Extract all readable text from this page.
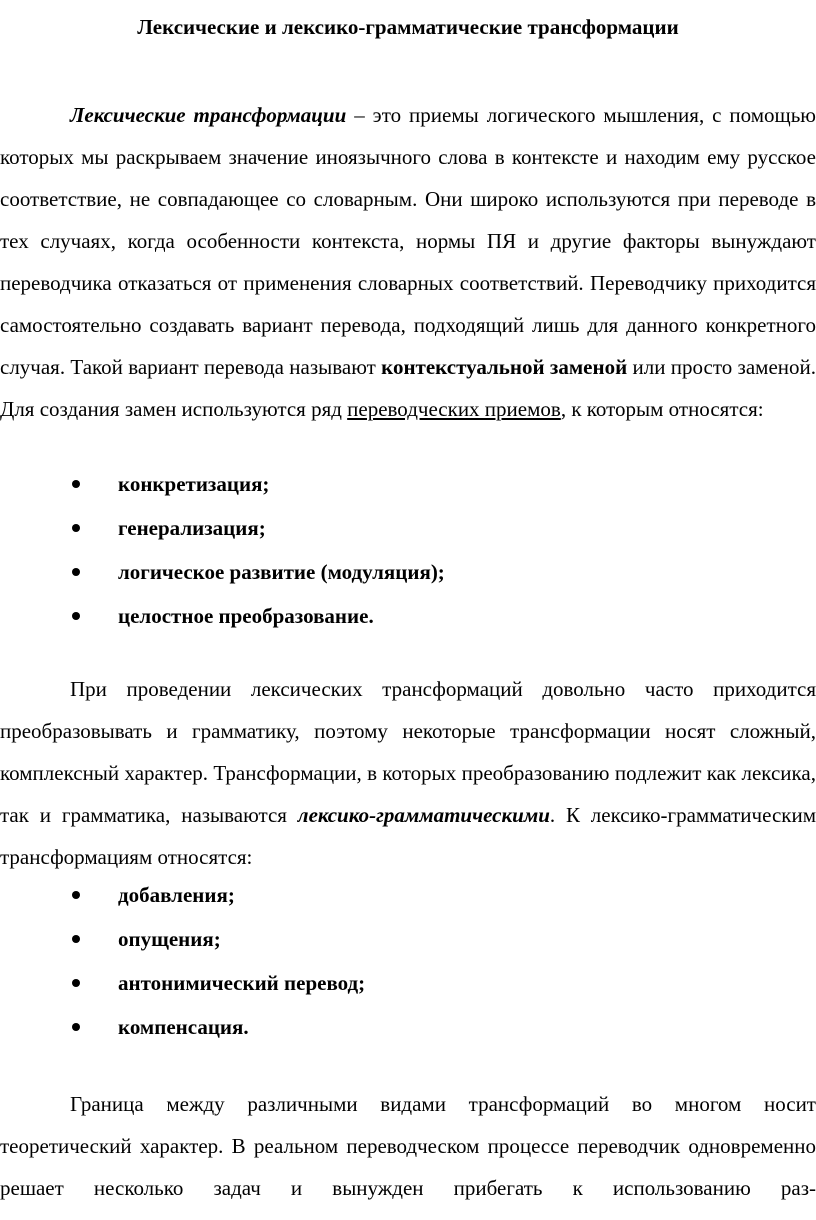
Лексические и лексико-грамматические трансформации

Лексические трансформации – это приемы логического мышления, с помощью которых мы раскрываем значение иноязычного слова в контексте и находим ему русское соответствие, не совпадающее со словарным. Они широко используются при переводе в тех случаях, когда особенности контекста, нормы ПЯ и другие факторы вынуждают переводчика отказаться от применения словарных соответствий. Переводчику приходится самостоятельно создавать вариант перевода, подходящий лишь для данного конкретного случая. Такой вариант перевода называют контекстуальной заменой или просто заменой. Для создания замен используются ряд переводческих приемов, к которым относятся:

конкретизация;
генерализация;
логическое развитие (модуляция);
целостное преобразование.

При проведении лексических трансформаций довольно часто приходится преобразовывать и грамматику, поэтому некоторые трансформации носят сложный, комплексный характер. Трансформации, в которых преобразованию подлежит как лексика, так и грамматика, называются лексико-грамматическими. К лексико-грамматическим трансформациям относятся:

добавления;
опущения;
антонимический перевод;
компенсация.

Граница между различными видами трансформаций во многом носит теоретический характер. В реальном переводческом процессе переводчик одновременно решает несколько задач и вынужден прибегать к использованию раз-
